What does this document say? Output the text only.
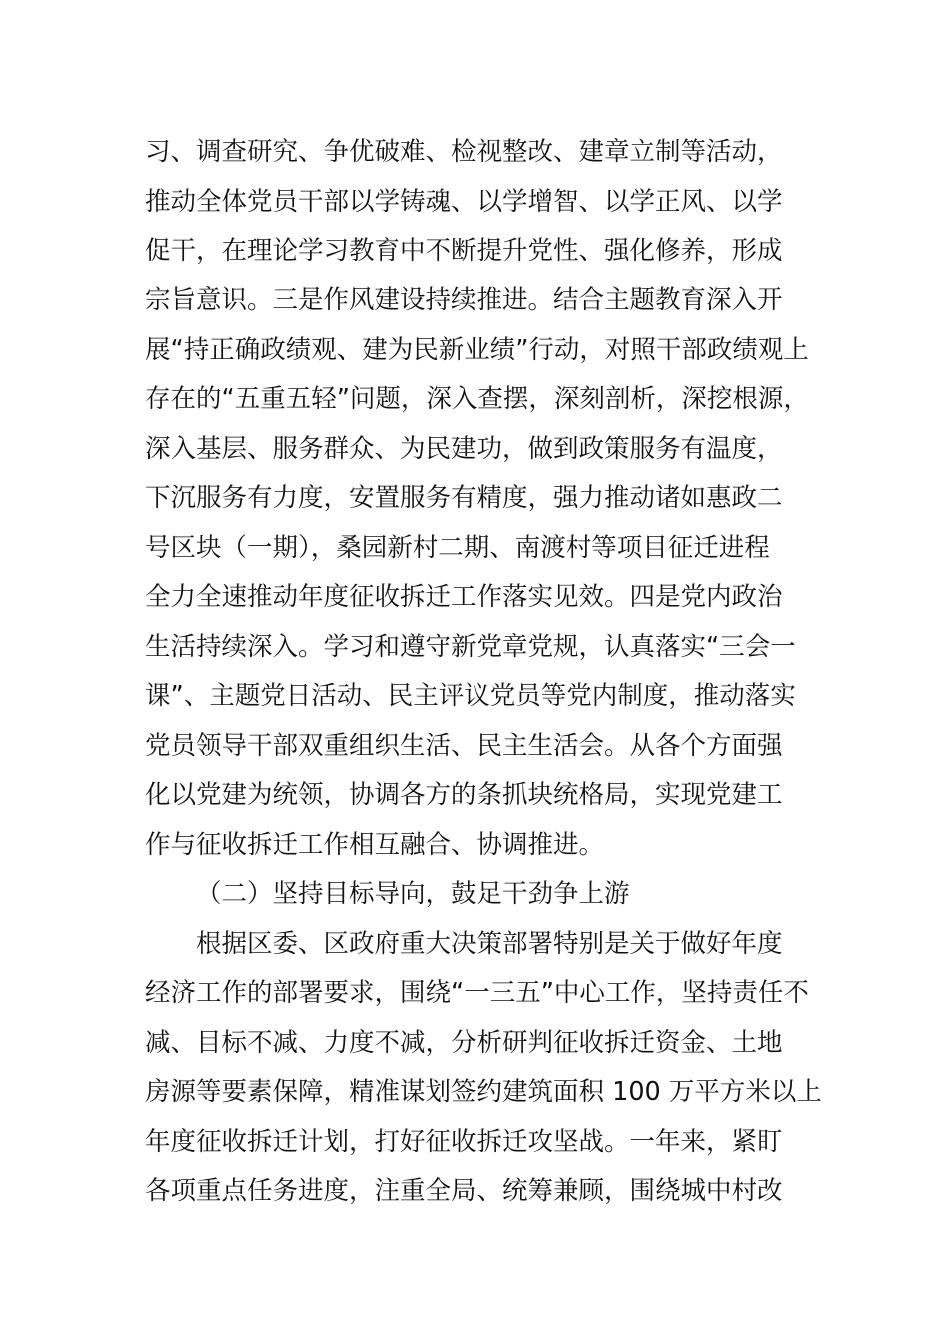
习、调查研究、争优破难、检视整改、建章立制等活动，
推动全体党员干部以学铸魂、以学增智、以学正风、以学
促干，在理论学习教育中不断提升党性、强化修养，形成
宗旨意识。三是作风建设持续推进。结合主题教育深入开
展“持正确政绩观、建为民新业绩”行动，对照干部政绩观上
存在的“五重五轻”问题，深入查摆，深刻剖析，深挖根源，
深入基层、服务群众、为民建功，做到政策服务有温度，
下沉服务有力度，安置服务有精度，强力推动诸如惠政二
号区块（一期），桑园新村二期、南渡村等项目征迁进程
全力全速推动年度征收拆迁工作落实见效。四是党内政治
生活持续深入。学习和遵守新党章党规，认真落实“三会一
课”、主题党日活动、民主评议党员等党内制度，推动落实
党员领导干部双重组织生活、民主生活会。从各个方面强
化以党建为统领，协调各方的条抓块统格局，实现党建工
作与征收拆迁工作相互融合、协调推进。
（二）坚持目标导向，鼓足干劲争上游
根据区委、区政府重大决策部署特别是关于做好年度
经济工作的部署要求，围绕“一三五”中心工作，坚持责任不
减、目标不减、力度不减，分析研判征收拆迁资金、土地
房源等要素保障，精准谋划签约建筑面积 100 万平方米以上
年度征收拆迁计划，打好征收拆迁攻坚战。一年来，紧盯
各项重点任务进度，注重全局、统筹兼顾，围绕城中村改
